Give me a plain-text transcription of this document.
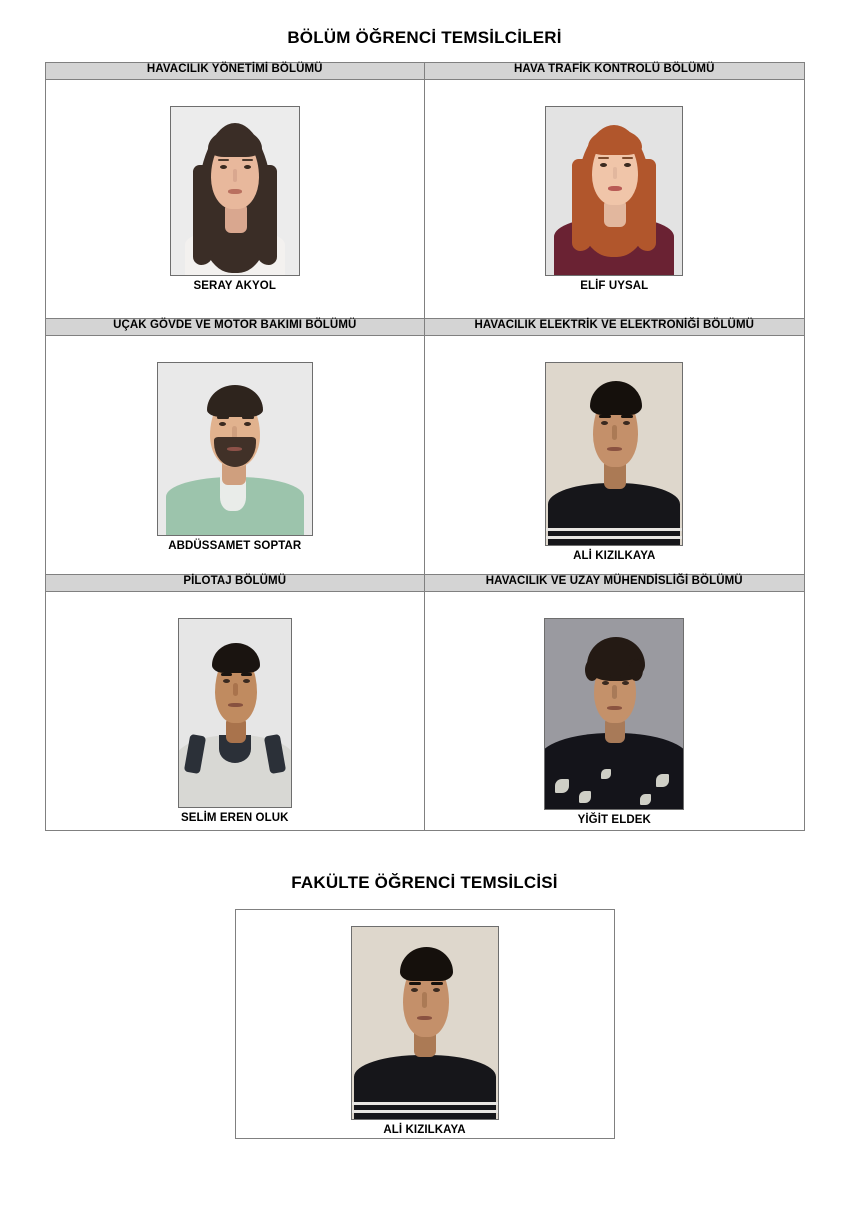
BÖLÜM ÖĞRENCİ TEMSİLCİLERİ
HAVACILIK YÖNETİMİ BÖLÜMÜ	HAVA TRAFİK KONTROLÜ BÖLÜMÜ

SERAY AKYOL	ELİF UYSAL

UÇAK GÖVDE VE MOTOR BAKIMI BÖLÜMÜ	HAVACILIK ELEKTRİK VE ELEKTRONİĞİ BÖLÜMÜ

ABDÜSSAMET SOPTAR	ALİ KIZILKAYA

PİLOTAJ BÖLÜMÜ	HAVACILIK VE UZAY MÜHENDİSLİĞİ BÖLÜMÜ

SELİM EREN OLUK	YİĞİT ELDEK
FAKÜLTE ÖĞRENCİ TEMSİLCİSİ
ALİ KIZILKAYA
